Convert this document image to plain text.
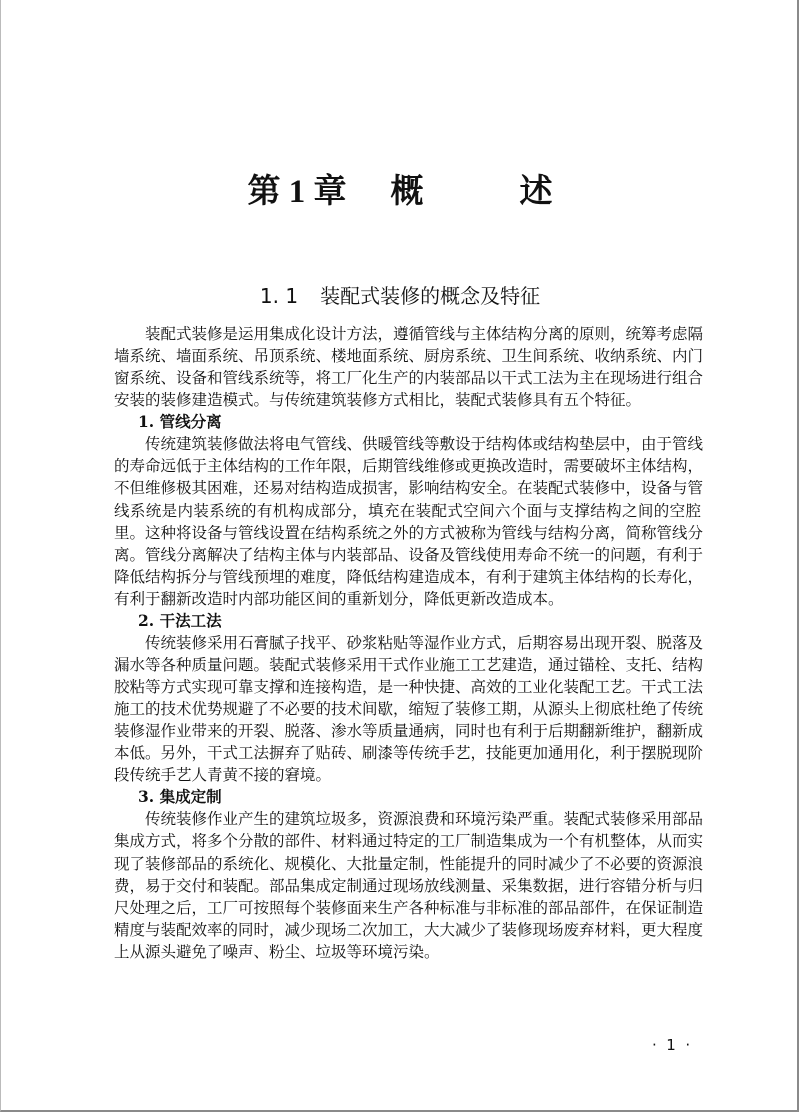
第 1 章 概	述
1. 1 装配式装修的概念及特征
装配式装修是运用集成化设计方法，遵循管线与主体结构分离的原则，统筹考虑隔
墙系统、墙面系统、吊顶系统、楼地面系统、厨房系统、卫生间系统、收纳系统、内门
窗系统、设备和管线系统等，将工厂化生产的内装部品以干式工法为主在现场进行组合
安装的装修建造模式。与传统建筑装修方式相比，装配式装修具有五个特征。
1. 管线分离
传统建筑装修做法将电气管线、供暖管线等敷设于结构体或结构垫层中，由于管线
的寿命远低于主体结构的工作年限，后期管线维修或更换改造时，需要破坏主体结构，
不但维修极其困难，还易对结构造成损害，影响结构安全。在装配式装修中，设备与管
线系统是内装系统的有机构成部分，填充在装配式空间六个面与支撑结构之间的空腔
里。这种将设备与管线设置在结构系统之外的方式被称为管线与结构分离，简称管线分
离。管线分离解决了结构主体与内装部品、设备及管线使用寿命不统一的问题，有利于
降低结构拆分与管线预埋的难度，降低结构建造成本，有利于建筑主体结构的长寿化，
有利于翻新改造时内部功能区间的重新划分，降低更新改造成本。
2. 干法工法
传统装修采用石膏腻子找平、砂浆粘贴等湿作业方式，后期容易出现开裂、脱落及
漏水等各种质量问题。装配式装修采用干式作业施工工艺建造，通过锚栓、支托、结构
胶粘等方式实现可靠支撑和连接构造，是一种快捷、高效的工业化装配工艺。干式工法
施工的技术优势规避了不必要的技术间歇，缩短了装修工期，从源头上彻底杜绝了传统
装修湿作业带来的开裂、脱落、渗水等质量通病，同时也有利于后期翻新维护，翻新成
本低。另外，干式工法摒弃了贴砖、刷漆等传统手艺，技能更加通用化，利于摆脱现阶
段传统手艺人青黄不接的窘境。
3. 集成定制
传统装修作业产生的建筑垃圾多，资源浪费和环境污染严重。装配式装修采用部品
集成方式，将多个分散的部件、材料通过特定的工厂制造集成为一个有机整体，从而实
现了装修部品的系统化、规模化、大批量定制，性能提升的同时减少了不必要的资源浪
费，易于交付和装配。部品集成定制通过现场放线测量、采集数据，进行容错分析与归
尺处理之后，工厂可按照每个装修面来生产各种标准与非标准的部品部件，在保证制造
精度与装配效率的同时，减少现场二次加工，大大减少了装修现场废弃材料，更大程度
上从源头避免了噪声、粉尘、垃圾等环境污染。
·  1  ·
